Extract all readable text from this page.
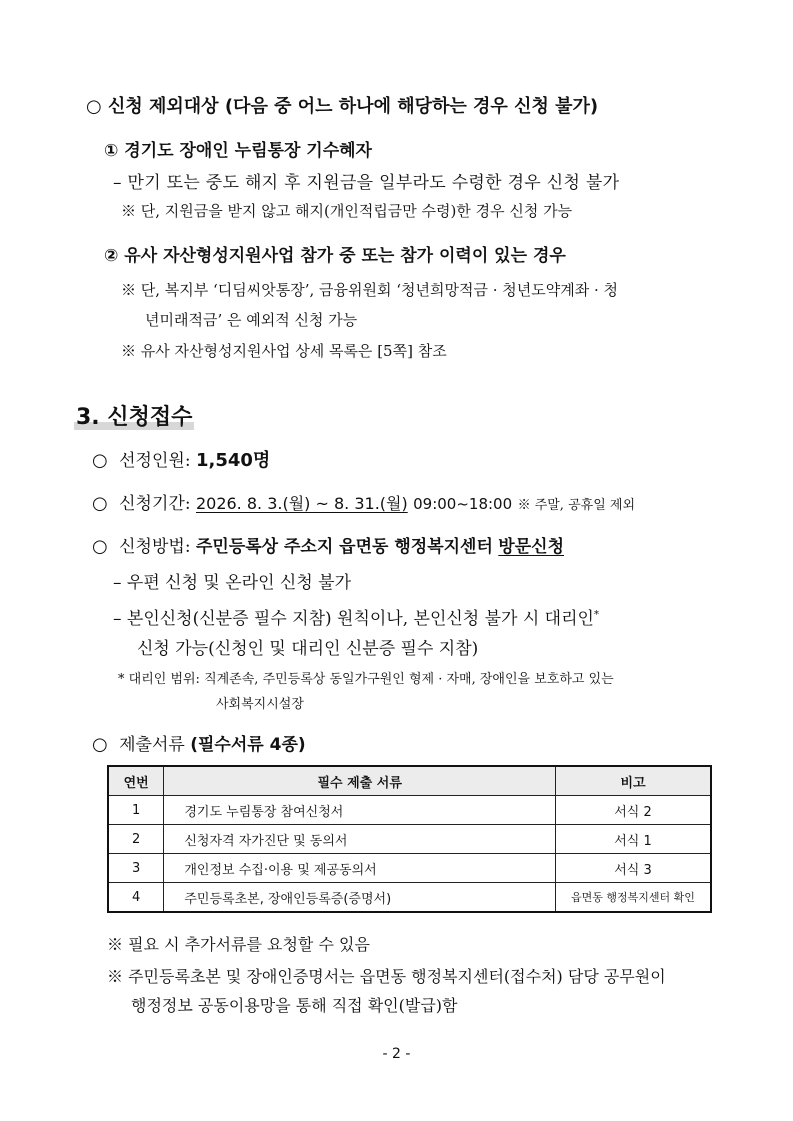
○ 신청 제외대상 (다음 중 어느 하나에 해당하는 경우 신청 불가)
① 경기도 장애인 누림통장 기수혜자
– 만기 또는 중도 해지 후 지원금을 일부라도 수령한 경우 신청 불가
※ 단, 지원금을 받지 않고 해지(개인적립금만 수령)한 경우 신청 가능
② 유사 자산형성지원사업 참가 중 또는 참가 이력이 있는 경우
※ 단, 복지부 ‘디딤씨앗통장’, 금융위원회 ‘청년희망적금 · 청년도약계좌 · 청
년미래적금’ 은 예외적 신청 가능
※ 유사 자산형성지원사업 상세 목록은 [5쪽] 참조
3. 신청접수
○ 선정인원: 1,540명
○ 신청기간: 2026. 8. 3.(월) ~ 8. 31.(월) 09:00~18:00 ※ 주말, 공휴일 제외
○ 신청방법: 주민등록상 주소지 읍면동 행정복지센터 방문신청
– 우편 신청 및 온라인 신청 불가
– 본인신청(신분증 필수 지참) 원칙이나, 본인신청 불가 시 대리인*
신청 가능(신청인 및 대리인 신분증 필수 지참)
* 대리인 범위: 직계존속, 주민등록상 동일가구원인 형제 · 자매, 장애인을 보호하고 있는
사회복지시설장
○ 제출서류 (필수서류 4종)
연번	필수 제출 서류	비고
1	경기도 누림통장 참여신청서	서식 2
2	신청자격 자가진단 및 동의서	서식 1
3	개인정보 수집·이용 및 제공동의서	서식 3
4	주민등록초본, 장애인등록증(증명서)	읍면동 행정복지센터 확인
※ 필요 시 추가서류를 요청할 수 있음
※ 주민등록초본 및 장애인증명서는 읍면동 행정복지센터(접수처) 담당 공무원이
행정정보 공동이용망을 통해 직접 확인(발급)함
- 2 -
